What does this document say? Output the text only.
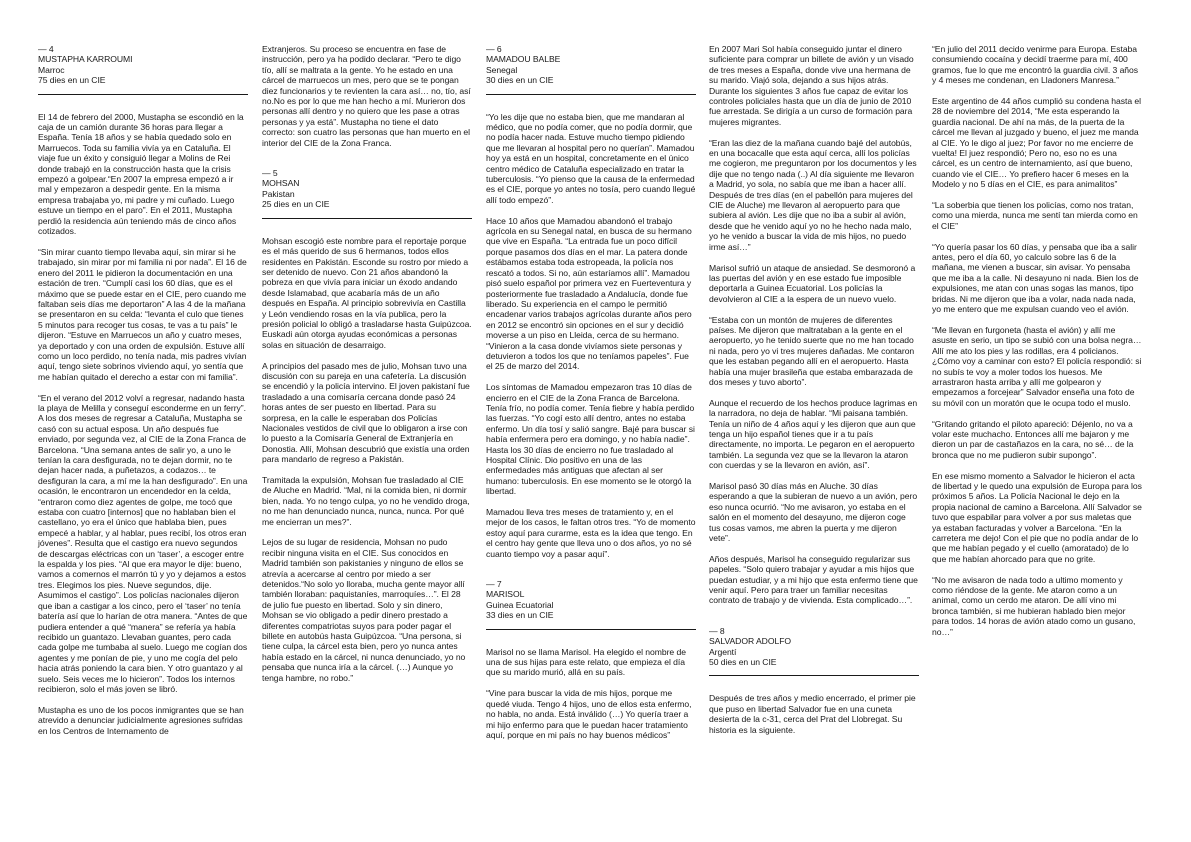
— 4
MUSTAPHA KARROUMI
Marroc
75 dies en un CIE

El 14 de febrero del 2000, Mustapha se escondió en la caja de un camión durante 36 horas para llegar a España. Tenía 18 años y se había quedado solo en Marruecos. Toda su familia vivía ya en Cataluña. El viaje fue un éxito y consiguió llegar a Molins de Rei donde trabajó en la construcción hasta que la crisis empezó a golpear.“En 2007 la empresa empezó a ir mal y empezaron a despedir gente. En la misma empresa trabajaba yo, mi padre y mi cuñado. Luego estuve un tiempo en el paro”. En el 2011, Mustapha perdió la residencia aún teniendo más de cinco años cotizados.

“Sin mirar cuanto tiempo llevaba aquí, sin mirar si he trabajado, sin mirar por mi familia ni por nada”. El 16 de enero del 2011 le pidieron la documentación en una estación de tren. “Cumplí casi los 60 días, que es el máximo que se puede estar en el CIE, pero cuando me faltaban seis días me deportaron” A las 4 de la mañana se presentaron en su celda: “levanta el culo que tienes 5 minutos para recoger tus cosas, te vas a tu país” le dijeron. “Estuve en Marruecos un año y cuatro meses, ya deportado y con una orden de expulsión. Estuve allí como un loco perdido, no tenía nada, mis padres vivían aquí, tengo siete sobrinos viviendo aquí, yo sentía que me habían quitado el derecho a estar con mi familia”.

“En el verano del 2012 volví a regresar, nadando hasta la playa de Melilla y conseguí esconderme en un ferry”. A los dos meses de regresar a Cataluña, Mustapha se casó con su actual esposa. Un año después fue enviado, por segunda vez, al CIE de la Zona Franca de Barcelona. “Una semana antes de salir yo, a uno le tenían la cara desfigurada, no te dejan dormir, no te dejan hacer nada, a puñetazos, a codazos… te desfiguran la cara, a mí me la han desfigurado”. En una ocasión, le encontraron un encendedor en la celda, “entraron como diez agentes de golpe, me tocó que estaba con cuatro [internos] que no hablaban bien el castellano, yo era el único que hablaba bien, pues empecé a hablar, y al hablar, pues recibí, los otros eran jóvenes”. Resulta que el castigo era nuevo segundos de descargas eléctricas con un ‘taser’, a escoger entre la espalda y los pies. “Al que era mayor le dije: bueno, vamos a comernos el marrón tú y yo y dejamos a estos tres. Elegimos los pies. Nueve segundos, dije. Asumimos el castigo”. Los policías nacionales dijeron que iban a castigar a los cinco, pero el ‘taser’ no tenía batería así que lo harían de otra manera. “Antes de que pudiera entender a qué “manera” se refería ya había recibido un guantazo. Llevaban guantes, pero cada cada golpe me tumbaba al suelo. Luego me cogían dos agentes y me ponían de pie, y uno me cogía del pelo hacia atrás poniendo la cara bien. Y otro guantazo y al suelo. Seis veces me lo hicieron”. Todos los internos recibieron, solo el más joven se libró.

Mustapha es uno de los pocos inmigrantes que se han atrevido a denunciar judicialmente agresiones sufridas en los Centros de Internamento de

Extranjeros. Su proceso se encuentra en fase de instrucción, pero ya ha podido declarar. “Pero te digo tío, allí se maltrata a la gente. Yo he estado en una cárcel de marruecos un mes, pero que se te pongan diez funcionarios y te revienten la cara así… no, tío, así no.No es por lo que me han hecho a mí. Murieron dos personas allí dentro y no quiero que les pase a otras personas y ya está”. Mustapha no tiene el dato correcto: son cuatro las personas que han muerto en el interior del CIE de la Zona Franca.

— 5
MOHSAN
Pakistan
25 dies en un CIE

Mohsan escogió este nombre para el reportaje porque es el más querido de sus 6 hermanos, todos ellos residentes en Pakistán. Esconde su rostro por miedo a ser detenido de nuevo. Con 21 años abandonó la pobreza en que vivía para iniciar un éxodo andando desde Islamabad, que acabaría más de un año después en España. Al principio sobrevivía en Castilla y León vendiendo rosas en la vía publica, pero la presión policial lo obligó a trasladarse hasta Guipúzcoa. Euskadi aún otorga ayudas económicas a personas solas en situación de desarraigo.

A principios del pasado mes de julio, Mohsan tuvo una discusión con su pareja en una cafetería. La discusión se encendió y la policía intervino. El joven pakistaní fue trasladado a una comisaría cercana donde pasó 24 horas antes de ser puesto en libertad. Para su sorpresa, en la calle le esperaban dos Policías Nacionales vestidos de civil que lo obligaron a irse con lo puesto a la Comisaría General de Extranjería en Donostia. Allí, Mohsan descubrió que existía una orden para mandarlo de regreso a Pakistán.

Tramitada la expulsión, Mohsan fue trasladado al CIE de Aluche en Madrid. “Mal, ni la comida bien, ni dormir bien, nada. Yo no tengo culpa, yo no he vendido droga, no me han denunciado nunca, nunca, nunca. Por qué me encierran un mes?”.

Lejos de su lugar de residencia, Mohsan no pudo recibir ninguna visita en el CIE. Sus conocidos en Madrid también son pakistanies y ninguno de ellos se atrevía a acercarse al centro por miedo a ser detenidos.“No solo yo lloraba, mucha gente mayor allí también lloraban: paquistaníes, marroquíes…”. El 28 de julio fue puesto en libertad. Solo y sin dinero, Mohsan se vio obligado a pedir dinero prestado a diferentes compatriotas suyos para poder pagar el billete en autobús hasta Guipúzcoa. “Una persona, si tiene culpa, la cárcel esta bien, pero yo nunca antes había estado en la cárcel, ni nunca denunciado, yo no pensaba que nunca iría a la cárcel. (…) Aunque yo tenga hambre, no robo.”

— 6
MAMADOU BALBE
Senegal
30 dies en un CIE

“Yo les dije que no estaba bien, que me mandaran al médico, que no podía comer, que no podía dormir, que no podía hacer nada. Estuve mucho tiempo pidiendo que me llevaran al hospital pero no querían”. Mamadou hoy ya está en un hospital, concretamente en el único centro médico de Cataluña especializado en tratar la tuberculosis. “Yo pienso que la causa de la enfermedad es el CIE, porque yo antes no tosía, pero cuando llegué allí todo empezó”.

Hace 10 años que Mamadou abandonó el trabajo agrícola en su Senegal natal, en busca de su hermano que vive en España. “La entrada fue un poco difícil porque pasamos dos días en el mar. La patera donde estábamos estaba toda estropeada, la policía nos rescató a todos. Si no, aún estaríamos allí”. Mamadou pisó suelo español por primera vez en Fuerteventura y posteriormente fue trasladado a Andalucía, donde fue liberado. Su experiencia en el campo le permitió encadenar varios trabajos agrícolas durante años pero en 2012 se encontró sin opciones en el sur y decidió moverse a un piso en Lleida, cerca de su hermano. “Vinieron a la casa donde vivíamos siete personas y detuvieron a todos los que no teníamos papeles”. Fue el 25 de marzo del 2014.

Los síntomas de Mamadou empezaron tras 10 días de encierro en el CIE de la Zona Franca de Barcelona. Tenía frío, no podía comer. Tenía fiebre y había perdido las fuerzas. “Yo cogí esto allí dentro, antes no estaba enfermo. Un día tosí y salió sangre. Bajé para buscar si había enfermera pero era domingo, y no había nadie”. Hasta los 30 días de encierro no fue trasladado al Hospital Clínic. Dio positivo en una de las enfermedades más antiguas que afectan al ser humano: tuberculosis. En ese momento se le otorgó la libertad.

Mamadou lleva tres meses de tratamiento y, en el mejor de los casos, le faltan otros tres. “Yo de momento estoy aquí para curarme, esta es la idea que tengo. En el centro hay gente que lleva uno o dos años, yo no sé cuanto tiempo voy a pasar aquí”.

— 7
MARISOL
Guinea Ecuatorial
33 dies en un CIE

Marisol no se llama Marisol. Ha elegido el nombre de una de sus hijas para este relato, que empieza el día que su marido murió, allá en su país.

“Vine para buscar la vida de mis hijos, porque me quedé viuda. Tengo 4 hijos, uno de ellos esta enfermo, no habla, no anda. Está inválido (…) Yo quería traer a mi hijo enfermo para que le puedan hacer tratamiento aquí, porque en mi país no hay buenos médicos”

En 2007 Mari Sol había conseguido juntar el dinero suficiente para comprar un billete de avión y un visado de tres meses a España, donde vive una hermana de su marido. Viajó sola, dejando a sus hijos atrás. Durante los siguientes 3 años fue capaz de evitar los controles policiales hasta que un día de junio de 2010 fue arrestada. Se dirigía a un curso de formación para mujeres migrantes.

“Eran las diez de la mañana cuando bajé del autobús, en una bocacalle que esta aquí cerca, allí los policías me cogieron, me preguntaron por los documentos y les dije que no tengo nada (..) Al día siguiente me llevaron a Madrid, yo sola, no sabía que me iban a hacer allí. Después de tres días (en el pabellón para mujeres del CIE de Aluche) me llevaron al aeropuerto para que subiera al avión. Les dije que no iba a subir al avión, desde que he venido aquí yo no he hecho nada malo, yo he venido a buscar la vida de mis hijos, no puedo irme así…”

Marisol sufrió un ataque de ansiedad. Se desmoronó a las puertas del avión y en ese estado fue imposible deportarla a Guinea Ecuatorial. Los policías la devolvieron al CIE a la espera de un nuevo vuelo.

“Estaba con un montón de mujeres de diferentes países. Me dijeron que maltrataban a la gente en el aeropuerto, yo he tenido suerte que no me han tocado ni nada, pero yo vi tres mujeres dañadas. Me contaron que les estaban pegando allí en el aeropuerto. Hasta había una mujer brasileña que estaba embarazada de dos meses y tuvo aborto”.

Aunque el recuerdo de los hechos produce lagrimas en la narradora, no deja de hablar. “Mi paisana también. Tenía un niño de 4 años aquí y les dijeron que aun que tenga un hijo español tienes que ir a tu país directamente, no importa. Le pegaron en el aeropuerto también. La segunda vez que se la llevaron la ataron con cuerdas y se la llevaron en avión, así”.

Marisol pasó 30 días más en Aluche. 30 días esperando a que la subieran de nuevo a un avión, pero eso nunca ocurrió. “No me avisaron, yo estaba en el salón en el momento del desayuno, me dijeron coge tus cosas vamos, me abren la puerta y me dijeron vete”.

Años después, Marisol ha conseguido regularizar sus papeles. “Solo quiero trabajar y ayudar a mis hijos que puedan estudiar, y a mi hijo que esta enfermo tiene que venir aquí. Pero para traer un familiar necesitas contrato de trabajo y de vivienda. Esta complicado…”.

— 8
SALVADOR ADOLFO
Argentí
50 dies en un CIE

Después de tres años y medio encerrado, el primer pie que puso en libertad Salvador fue en una cuneta desierta de la c-31, cerca del Prat del Llobregat. Su historia es la siguiente.

“En julio del 2011 decido venirme para Europa. Estaba consumiendo cocaína y decidí traerme para mí, 400 gramos, fue lo que me encontró la guardia civil. 3 años y 4 meses me condenan, en Lladoners Manresa.”

Este argentino de 44 años cumplió su condena hasta el 28 de noviembre del 2014, “Me esta esperando la guardia nacional. De ahí na más, de la puerta de la cárcel me llevan al juzgado y bueno, el juez me manda al CIE. Yo le digo al juez; Por favor no me encierre de vuelta! El juez respondió; Pero no, eso no es una cárcel, es un centro de internamiento, así que bueno, cuando vie el CIE… Yo prefiero hacer 6 meses en la Modelo y no 5 días en el CIE, es para animalitos”

“La soberbia que tienen los policías, como nos tratan, como una mierda, nunca me sentí tan mierda como en el CIE”

“Yo quería pasar los 60 días, y pensaba que iba a salir antes, pero el día 60, yo calculo sobre las 6 de la mañana, me vienen a buscar, sin avisar. Yo pensaba que me iba a la calle. Ni desayuno ni nada. Bien los de expulsiones, me atan con unas sogas las manos, tipo bridas. Ni me dijeron que iba a volar, nada nada nada, yo me entero que me expulsan cuando veo el avión.

“Me llevan en furgoneta (hasta el avión) y allí me asuste en serio, un tipo se subió con una bolsa negra… Allí me ato los pies y las rodillas, era 4 policianos. ¿Cómo voy a caminar con esto? El policía respondió: si no subís te voy a moler todos los huesos. Me arrastraron hasta arriba y allí me golpearon y empezamos a forcejear” Salvador enseña una foto de su móvil con un moratón que le ocupa todo el muslo.

“Gritando gritando el piloto apareció: Déjenlo, no va a volar este muchacho. Entonces allí me bajaron y me dieron un par de castañazos en la cara, no sé… de la bronca que no me pudieron subir supongo”.

En ese mismo momento a Salvador le hicieron el acta de libertad y le quedo una expulsión de Europa para los próximos 5 años. La Policía Nacional le dejo en la propia nacional de camino a Barcelona. Allí Salvador se tuvo que espabilar para volver a por sus maletas que ya estaban facturadas y volver a Barcelona. “En la carretera me dejo! Con el pie que no podía andar de lo que me habían pegado y el cuello (amoratado) de lo que me habían ahorcado para que no grite.

“No me avisaron de nada todo a ultimo momento y como riéndose de la gente. Me ataron como a un animal, como un cerdo me ataron. De allí vino mi bronca también, si me hubieran hablado bien mejor para todos. 14 horas de avión atado como un gusano, no…”
